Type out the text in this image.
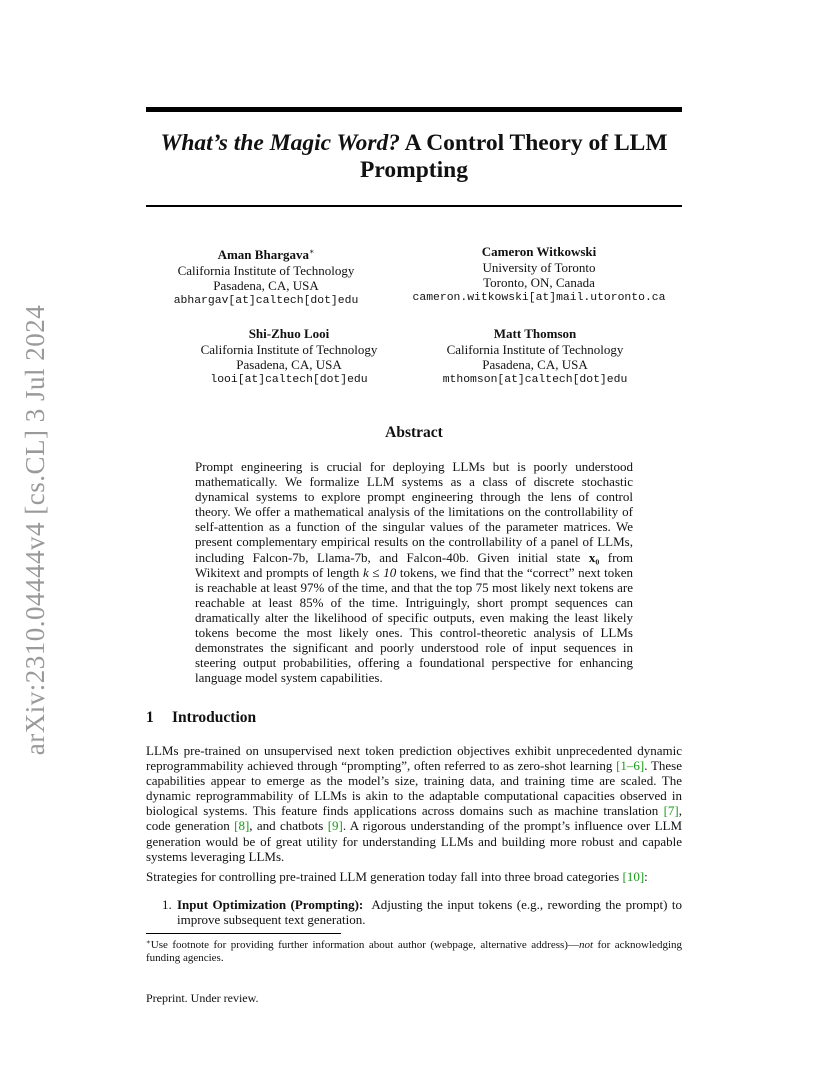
arXiv:2310.04444v4 [cs.CL] 3 Jul 2024
What’s the Magic Word? A Control Theory of LLM Prompting
Aman Bhargava∗
California Institute of Technology
Pasadena, CA, USA
abhargav[at]caltech[dot]edu
Cameron Witkowski
University of Toronto
Toronto, ON, Canada
cameron.witkowski[at]mail.utoronto.ca
Shi-Zhuo Looi
California Institute of Technology
Pasadena, CA, USA
looi[at]caltech[dot]edu
Matt Thomson
California Institute of Technology
Pasadena, CA, USA
mthomson[at]caltech[dot]edu
Abstract
Prompt engineering is crucial for deploying LLMs but is poorly understood mathematically. We formalize LLM systems as a class of discrete stochastic dynamical systems to explore prompt engineering through the lens of control theory. We offer a mathematical analysis of the limitations on the controllability of self-attention as a function of the singular values of the parameter matrices. We present complementary empirical results on the controllability of a panel of LLMs, including Falcon-7b, Llama-7b, and Falcon-40b. Given initial state x₀ from Wikitext and prompts of length k ≤ 10 tokens, we find that the “correct” next token is reachable at least 97% of the time, and that the top 75 most likely next tokens are reachable at least 85% of the time. Intriguingly, short prompt sequences can dramatically alter the likelihood of specific outputs, even making the least likely tokens become the most likely ones. This control-theoretic analysis of LLMs demonstrates the significant and poorly understood role of input sequences in steering output probabilities, offering a foundational perspective for enhancing language model system capabilities.
1 Introduction
LLMs pre-trained on unsupervised next token prediction objectives exhibit unprecedented dynamic reprogrammability achieved through “prompting”, often referred to as zero-shot learning [1–6]. These capabilities appear to emerge as the model’s size, training data, and training time are scaled. The dynamic reprogrammability of LLMs is akin to the adaptable computational capacities observed in biological systems. This feature finds applications across domains such as machine translation [7], code generation [8], and chatbots [9]. A rigorous understanding of the prompt’s influence over LLM generation would be of great utility for understanding LLMs and building more robust and capable systems leveraging LLMs.
Strategies for controlling pre-trained LLM generation today fall into three broad categories [10]:
1. Input Optimization (Prompting): Adjusting the input tokens (e.g., rewording the prompt) to improve subsequent text generation.
∗Use footnote for providing further information about author (webpage, alternative address)—not for acknowledging funding agencies.
Preprint. Under review.
